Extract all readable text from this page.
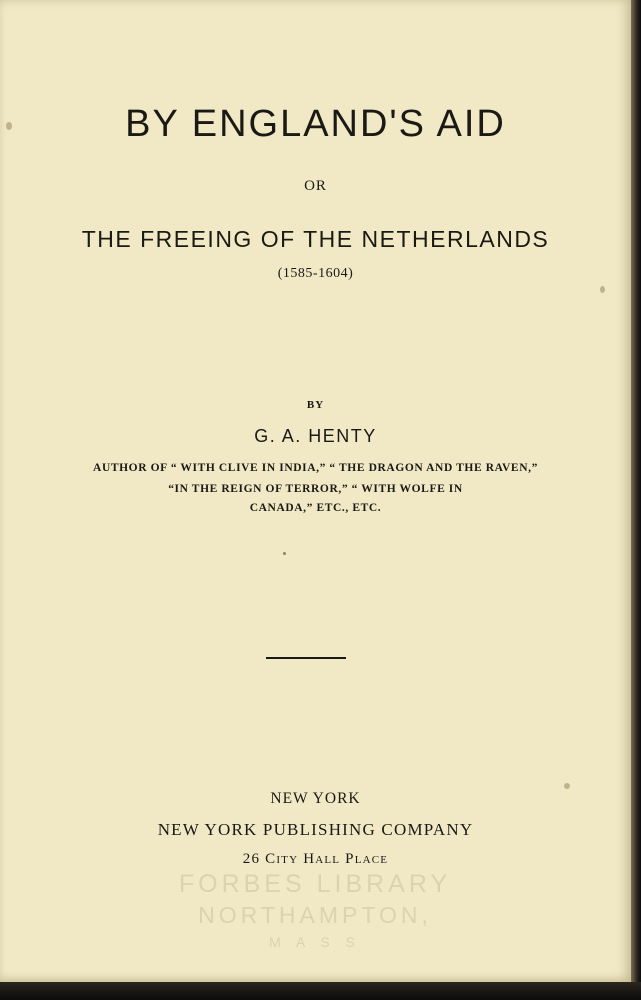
BY ENGLAND'S AID
OR
THE FREEING OF THE NETHERLANDS
(1585-1604)
BY
G. A. HENTY
AUTHOR OF “ WITH CLIVE IN INDIA,” “ THE DRAGON AND THE RAVEN,”
“IN THE REIGN OF TERROR,” “ WITH WOLFE IN
CANADA,” ETC., ETC.
NEW YORK
NEW YORK PUBLISHING COMPANY
26 City Hall Place
FORBES LIBRARY
NORTHAMPTON,
M A S S
